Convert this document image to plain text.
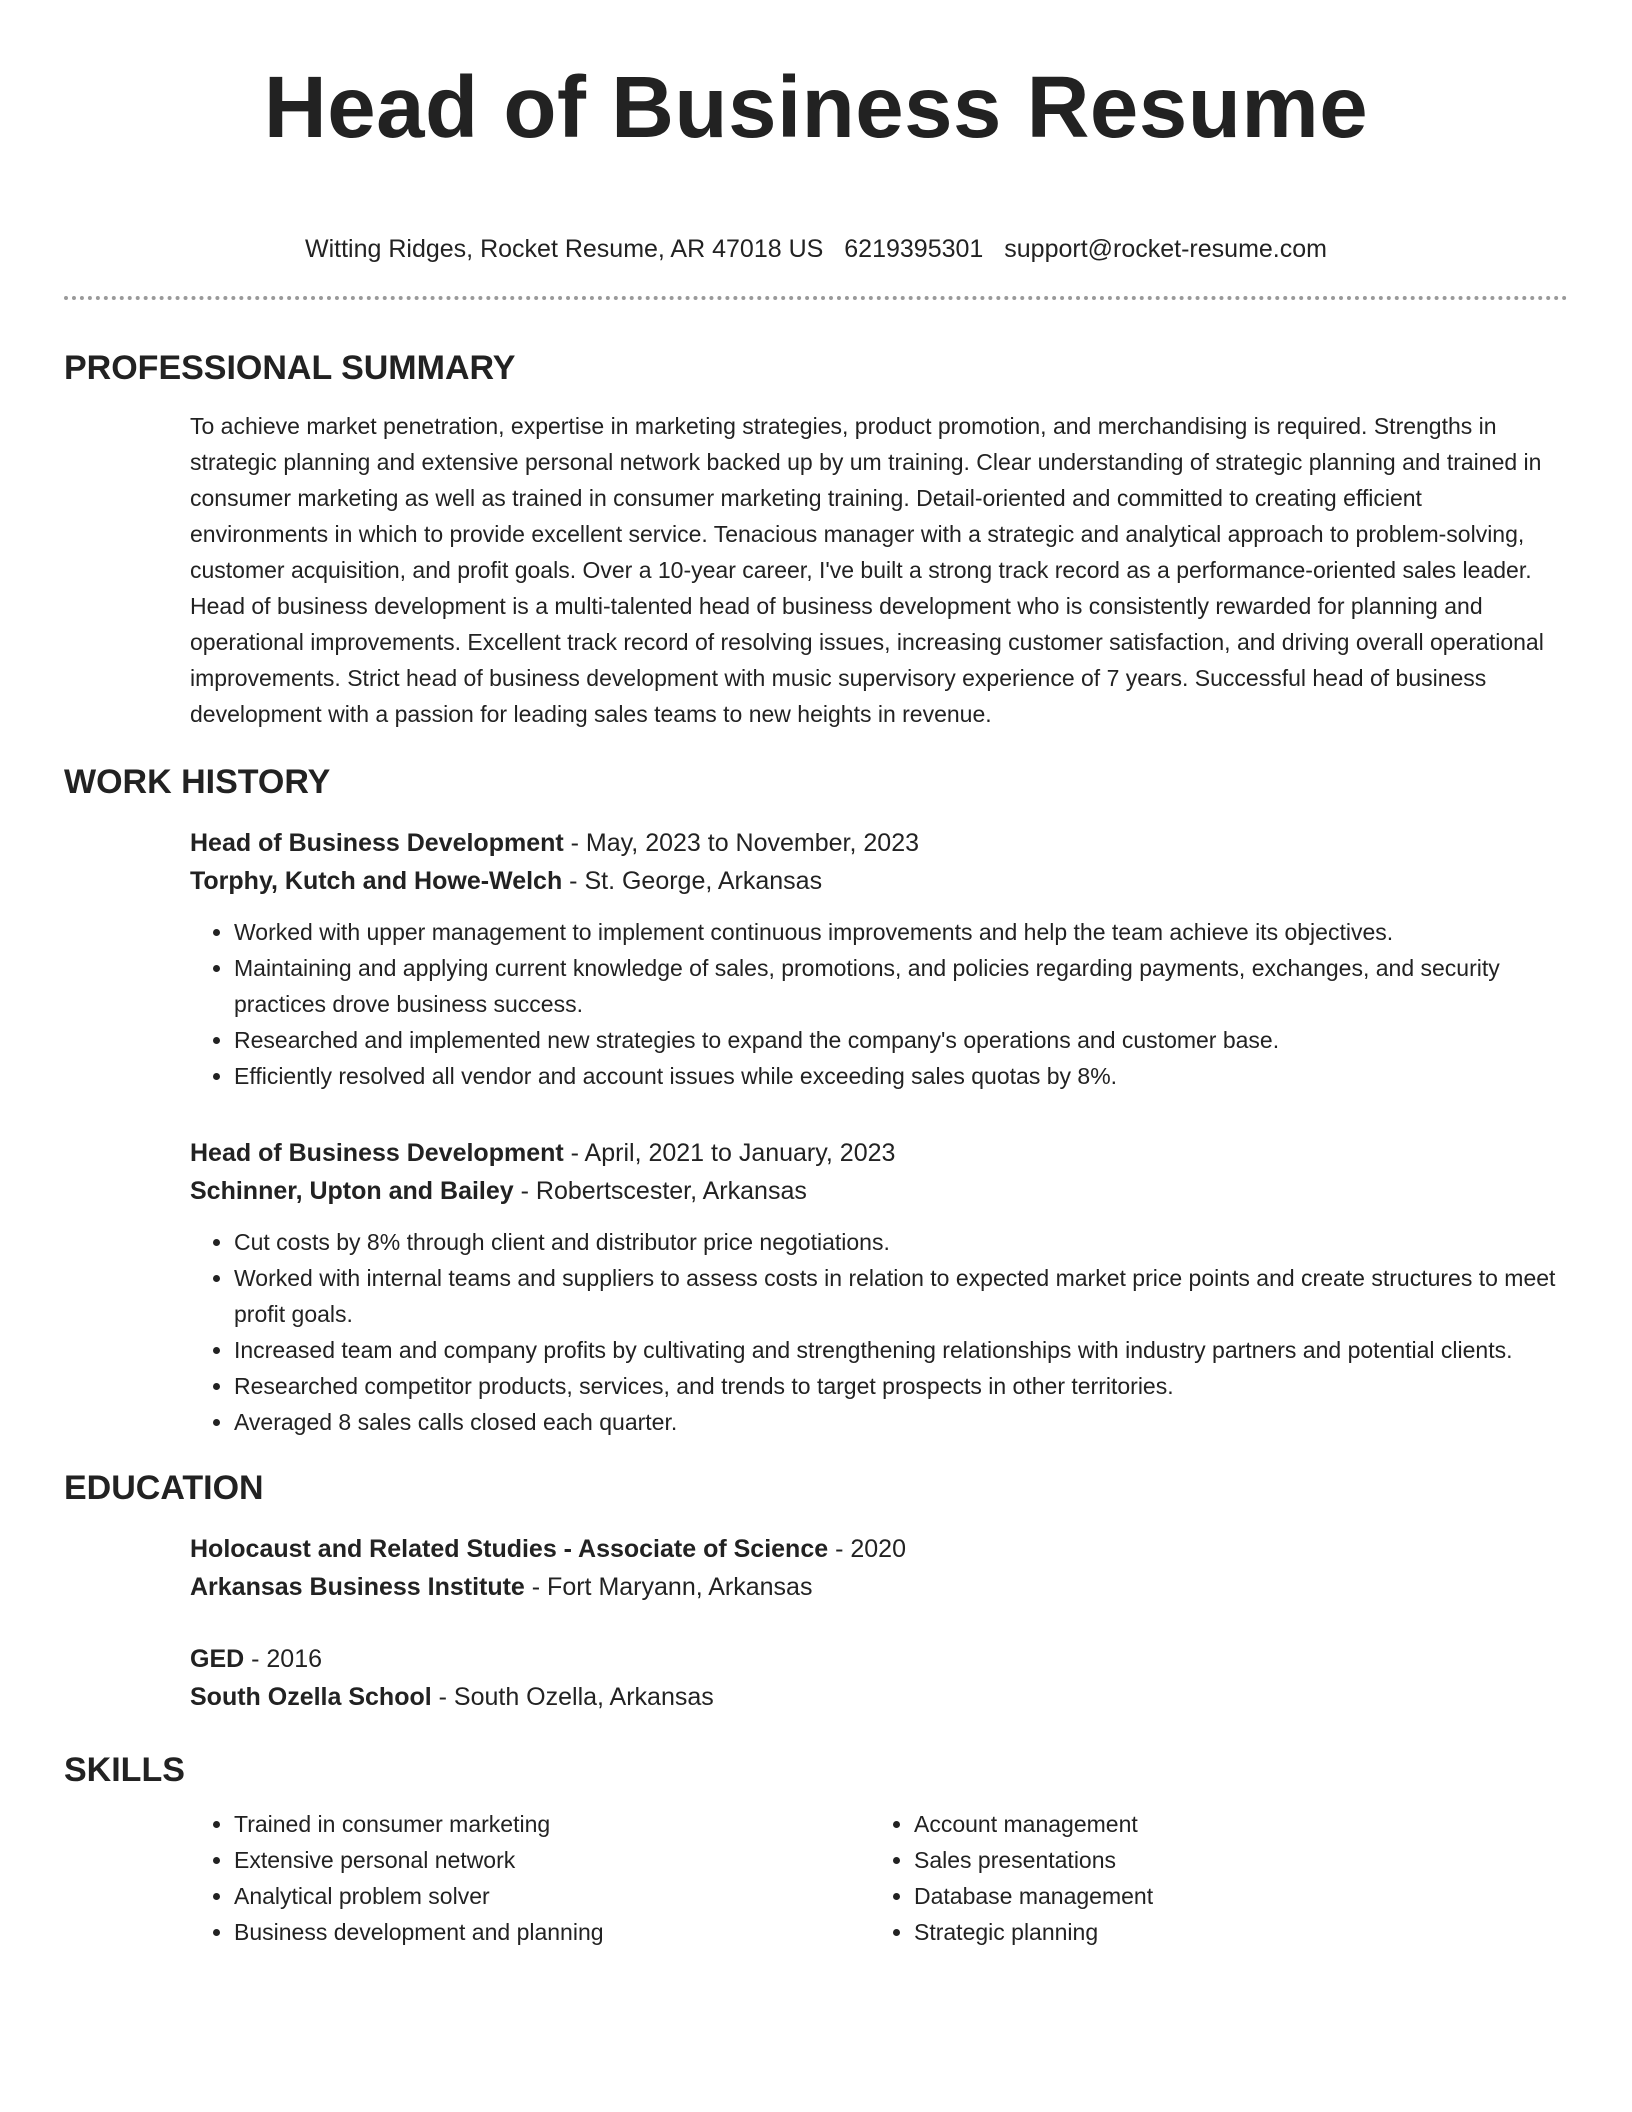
Head of Business Resume
Witting Ridges, Rocket Resume, AR 47018 US 6219395301 support@rocket-resume.com
PROFESSIONAL SUMMARY

To achieve market penetration, expertise in marketing strategies, product promotion, and merchandising is required. Strengths in strategic planning and extensive personal network backed up by um training. Clear understanding of strategic planning and trained in consumer marketing as well as trained in consumer marketing training. Detail-oriented and committed to creating efficient environments in which to provide excellent service. Tenacious manager with a strategic and analytical approach to problem-solving, customer acquisition, and profit goals. Over a 10-year career, I've built a strong track record as a performance-oriented sales leader. Head of business development is a multi-talented head of business development who is consistently rewarded for planning and operational improvements. Excellent track record of resolving issues, increasing customer satisfaction, and driving overall operational improvements. Strict head of business development with music supervisory experience of 7 years. Successful head of business development with a passion for leading sales teams to new heights in revenue.

WORK HISTORY
Head of Business Development - May, 2023 to November, 2023
Torphy, Kutch and Howe-Welch - St. George, Arkansas
• Worked with upper management to implement continuous improvements and help the team achieve its objectives.
• Maintaining and applying current knowledge of sales, promotions, and policies regarding payments, exchanges, and security practices drove business success.
• Researched and implemented new strategies to expand the company's operations and customer base.
• Efficiently resolved all vendor and account issues while exceeding sales quotas by 8%.
Head of Business Development - April, 2021 to January, 2023
Schinner, Upton and Bailey - Robertscester, Arkansas
• Cut costs by 8% through client and distributor price negotiations.
• Worked with internal teams and suppliers to assess costs in relation to expected market price points and create structures to meet profit goals.
• Increased team and company profits by cultivating and strengthening relationships with industry partners and potential clients.
• Researched competitor products, services, and trends to target prospects in other territories.
• Averaged 8 sales calls closed each quarter.
EDUCATION
Holocaust and Related Studies - Associate of Science - 2020
Arkansas Business Institute - Fort Maryann, Arkansas
GED - 2016
South Ozella School - South Ozella, Arkansas
SKILLS
• Trained in consumer marketing
• Extensive personal network
• Analytical problem solver
• Business development and planning
• Account management
• Sales presentations
• Database management
• Strategic planning
